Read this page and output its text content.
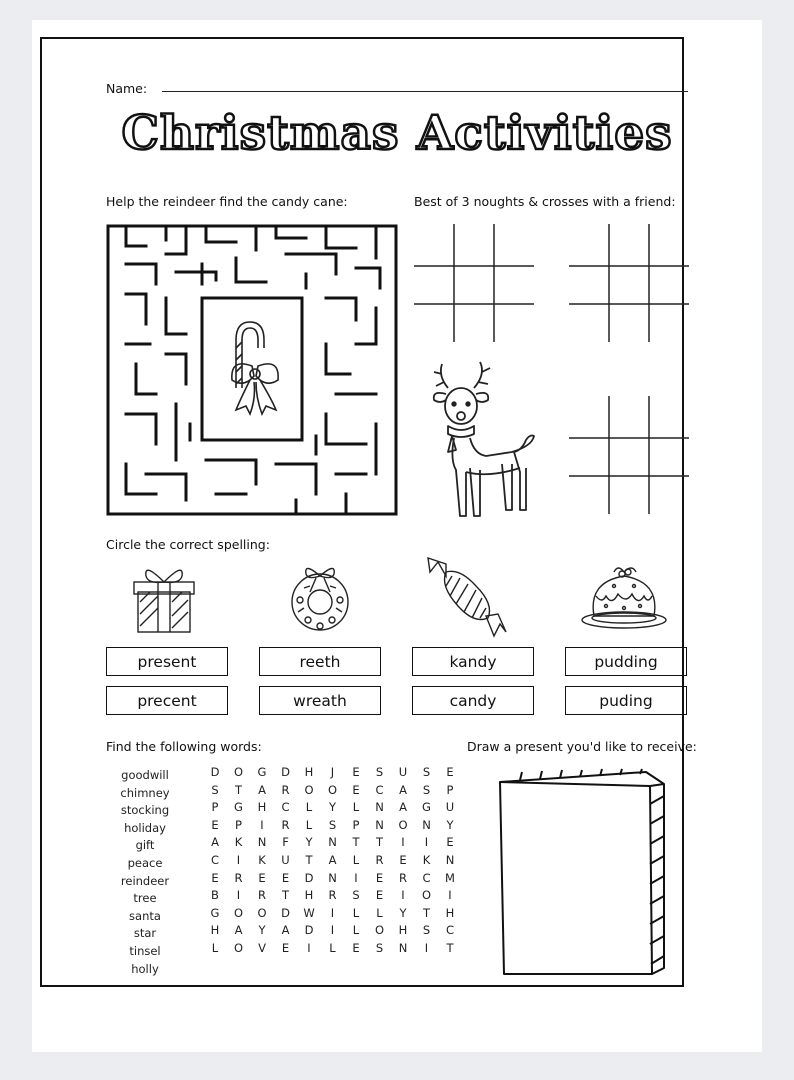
Name:
Christmas Activities
Help the reindeer find the candy cane:	Best of 3 noughts & crosses with a friend:
Circle the correct spelling:
Find the following words:	Draw a present you'd like to receive:
present
precent
reeth
wreath
kandy
candy
pudding
puding
goodwill
chimney
stocking
holiday
gift
peace
reindeer
tree
santa
star
tinsel
holly
D	O	G	D	H	J	E	S	U	S	E
S	T	A	R	O	O	E	C	A	S	P
P	G	H	C	L	Y	L	N	A	G	U
E	P	I	R	L	S	P	N	O	N	Y
A	K	N	F	Y	N	T	T	I	I	E
C	I	K	U	T	A	L	R	E	K	N
E	R	E	E	D	N	I	E	R	C	M
B	I	R	T	H	R	S	E	I	O	I
G	O	O	D	W	I	L	L	Y	T	H
H	A	Y	A	D	I	L	O	H	S	C
L	O	V	E	I	L	E	S	N	I	T
